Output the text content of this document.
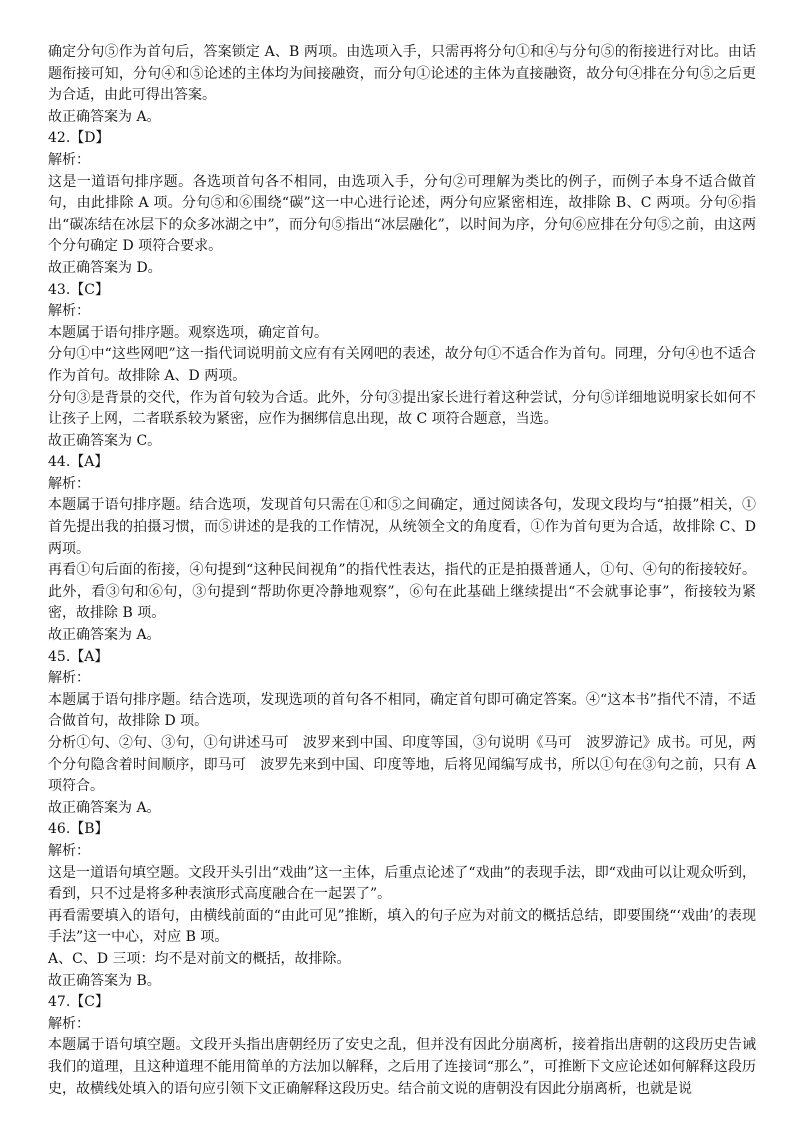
确定分句⑤作为首句后，答案锁定 A、B 两项。由选项入手，只需再将分句①和④与分句⑤的衔接进行对比。由话题衔接可知，分句④和⑤论述的主体均为间接融资，而分句①论述的主体为直接融资，故分句④排在分句⑤之后更为合适，由此可得出答案。

故正确答案为 A。

42.【D】

解析：

这是一道语句排序题。各选项首句各不相同，由选项入手，分句②可理解为类比的例子，而例子本身不适合做首句，由此排除 A 项。分句⑤和⑥围绕“碳”这一中心进行论述，两分句应紧密相连，故排除 B、C 两项。分句⑥指出“碳冻结在冰层下的众多冰湖之中”，而分句⑤指出“冰层融化”，以时间为序，分句⑥应排在分句⑤之前，由这两个分句确定 D 项符合要求。

故正确答案为 D。

43.【C】

解析：

本题属于语句排序题。观察选项，确定首句。

分句①中“这些网吧”这一指代词说明前文应有有关网吧的表述，故分句①不适合作为首句。同理，分句④也不适合作为首句。故排除 A、D 两项。

分句③是背景的交代，作为首句较为合适。此外，分句③提出家长进行着这种尝试，分句⑤详细地说明家长如何不让孩子上网，二者联系较为紧密，应作为捆绑信息出现，故 C 项符合题意，当选。

故正确答案为 C。

44.【A】

解析：

本题属于语句排序题。结合选项，发现首句只需在①和⑤之间确定，通过阅读各句，发现文段均与“拍摄”相关，①首先提出我的拍摄习惯，而⑤讲述的是我的工作情况，从统领全文的角度看，①作为首句更为合适，故排除 C、D 两项。

再看①句后面的衔接，④句提到“这种民间视角”的指代性表达，指代的正是拍摄普通人，①句、④句的衔接较好。此外，看③句和⑥句，③句提到“帮助你更冷静地观察”，⑥句在此基础上继续提出“不会就事论事”，衔接较为紧密，故排除 B 项。

故正确答案为 A。

45.【A】

解析：

本题属于语句排序题。结合选项，发现选项的首句各不相同，确定首句即可确定答案。④“这本书”指代不清，不适合做首句，故排除 D 项。

分析①句、②句、③句，①句讲述马可　波罗来到中国、印度等国，③句说明《马可　波罗游记》成书。可见，两个分句隐含着时间顺序，即马可　波罗先来到中国、印度等地，后将见闻编写成书，所以①句在③句之前，只有 A 项符合。

故正确答案为 A。

46.【B】

解析：

这是一道语句填空题。文段开头引出“戏曲”这一主体，后重点论述了“戏曲”的表现手法，即“戏曲可以让观众听到，看到，只不过是将多种表演形式高度融合在一起罢了”。

再看需要填入的语句，由横线前面的“由此可见”推断，填入的句子应为对前文的概括总结，即要围绕“‘戏曲’的表现手法”这一中心，对应 B 项。

A、C、D 三项：均不是对前文的概括，故排除。

故正确答案为 B。

47.【C】

解析：

本题属于语句填空题。文段开头指出唐朝经历了安史之乱，但并没有因此分崩离析，接着指出唐朝的这段历史告诫我们的道理，且这种道理不能用简单的方法加以解释，之后用了连接词“那么”，可推断下文应论述如何解释这段历史，故横线处填入的语句应引领下文正确解释这段历史。结合前文说的唐朝没有因此分崩离析，也就是说
